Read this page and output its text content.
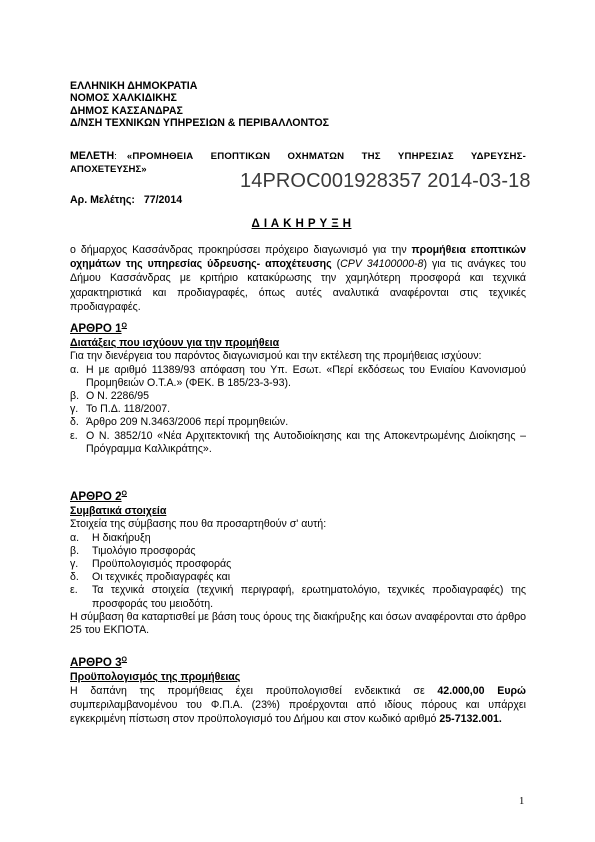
ΕΛΛΗΝΙΚΗ ΔΗΜΟΚΡΑΤΙΑ
ΝΟΜΟΣ ΧΑΛΚΙΔΙΚΗΣ
ΔΗΜΟΣ ΚΑΣΣΑΝΔΡΑΣ
Δ/ΝΣΗ ΤΕΧΝΙΚΩΝ ΥΠΗΡΕΣΙΩΝ & ΠΕΡΙΒΑΛΛΟΝΤΟΣ
ΜΕΛΕΤΗ: «ΠΡΟΜΗΘΕΙΑ ΕΠΟΠΤΙΚΩΝ ΟΧΗΜΑΤΩΝ ΤΗΣ ΥΠΗΡΕΣΙΑΣ ΥΔΡΕΥΣΗΣ-
ΑΠΟΧΕΤΕΥΣΗΣ»
Αρ. Μελέτης: 77/2014
14PROC001928357 2014-03-18
Δ Ι Α Κ Η Ρ Υ Ξ Η
ο δήμαρχος Κασσάνδρας προκηρύσσει πρόχειρο διαγωνισμό για την προμήθεια εποπτικών οχημάτων της υπηρεσίας ύδρευσης- αποχέτευσης (CPV 34100000-8) για τις ανάγκες του Δήμου Κασσάνδρας με κριτήριο κατακύρωσης την χαμηλότερη προσφορά και τεχνικά χαρακτηριστικά και προδιαγραφές, όπως αυτές αναλυτικά αναφέρονται στις τεχνικές προδιαγραφές.
ΑΡΘΡΟ $1^O$
Διατάξεις που ισχύουν για την προμήθεια
Για την διενέργεια του παρόντος διαγωνισμού και την εκτέλεση της προμήθειας ισχύουν:
α. Η με αριθμό 11389/93 απόφαση του Υπ. Εσωτ. «Περί εκδόσεως του Ενιαίου Κανονισμού Προμηθειών Ο.Τ.Α.» (ΦΕΚ. Β 185/23-3-93).
β. Ο Ν. 2286/95
γ. Το Π.Δ. 118/2007.
δ. Άρθρο 209 Ν.3463/2006 περί προμηθειών.
ε. Ο Ν. 3852/10 «Νέα Αρχιτεκτονική της Αυτοδιοίκησης και της Αποκεντρωμένης Διοίκησης – Πρόγραμμα Καλλικράτης».
ΑΡΘΡΟ $2^O$
Συμβατικά στοιχεία
Στοιχεία της σύμβασης που θα προσαρτηθούν σ' αυτή:
α. Η διακήρυξη
β. Τιμολόγιο προσφοράς
γ. Προϋπολογισμός προσφοράς
δ. Οι τεχνικές προδιαγραφές και
ε. Τα τεχνικά στοιχεία (τεχνική περιγραφή, ερωτηματολόγιο, τεχνικές προδιαγραφές) της προσφοράς του μειοδότη.
Η σύμβαση θα καταρτισθεί με βάση τους όρους της διακήρυξης και όσων αναφέρονται στο άρθρο 25 του ΕΚΠΟΤΑ.
ΑΡΘΡΟ $3^O$
Προϋπολογισμός της προμήθειας
Η δαπάνη της προμήθειας έχει προϋπολογισθεί ενδεικτικά σε 42.000,00 Ευρώ συμπεριλαμβανομένου του Φ.Π.Α. (23%) προέρχονται από ιδίους πόρους και υπάρχει εγκεκριμένη πίστωση στον προϋπολογισμό του Δήμου και στον κωδικό αριθμό 25-7132.001.
1
